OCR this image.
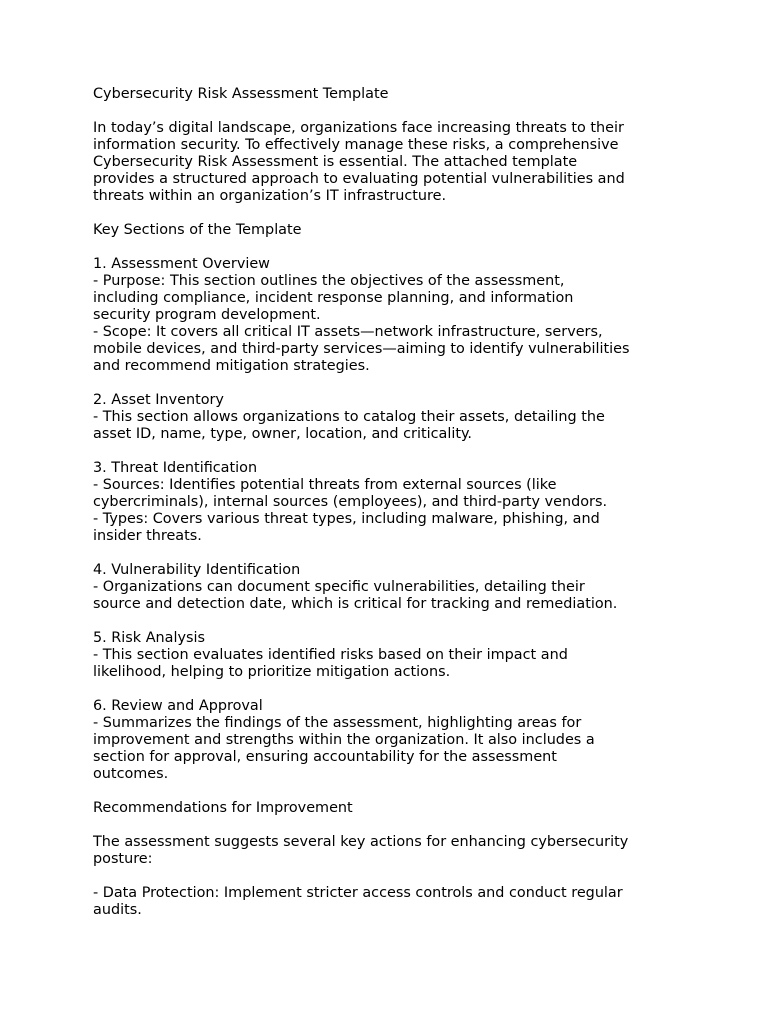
Cybersecurity Risk Assessment Template

In today’s digital landscape, organizations face increasing threats to their
information security. To effectively manage these risks, a comprehensive
Cybersecurity Risk Assessment is essential. The attached template
provides a structured approach to evaluating potential vulnerabilities and
threats within an organization’s IT infrastructure.

Key Sections of the Template

1. Assessment Overview
- Purpose: This section outlines the objectives of the assessment,
including compliance, incident response planning, and information
security program development.
- Scope: It covers all critical IT assets—network infrastructure, servers,
mobile devices, and third-party services—aiming to identify vulnerabilities
and recommend mitigation strategies.

2. Asset Inventory
- This section allows organizations to catalog their assets, detailing the
asset ID, name, type, owner, location, and criticality.

3. Threat Identification
- Sources: Identifies potential threats from external sources (like
cybercriminals), internal sources (employees), and third-party vendors.
- Types: Covers various threat types, including malware, phishing, and
insider threats.

4. Vulnerability Identification
- Organizations can document specific vulnerabilities, detailing their
source and detection date, which is critical for tracking and remediation.

5. Risk Analysis
- This section evaluates identified risks based on their impact and
likelihood, helping to prioritize mitigation actions.

6. Review and Approval
- Summarizes the findings of the assessment, highlighting areas for
improvement and strengths within the organization. It also includes a
section for approval, ensuring accountability for the assessment
outcomes.

Recommendations for Improvement

The assessment suggests several key actions for enhancing cybersecurity
posture:

- Data Protection: Implement stricter access controls and conduct regular
audits.
